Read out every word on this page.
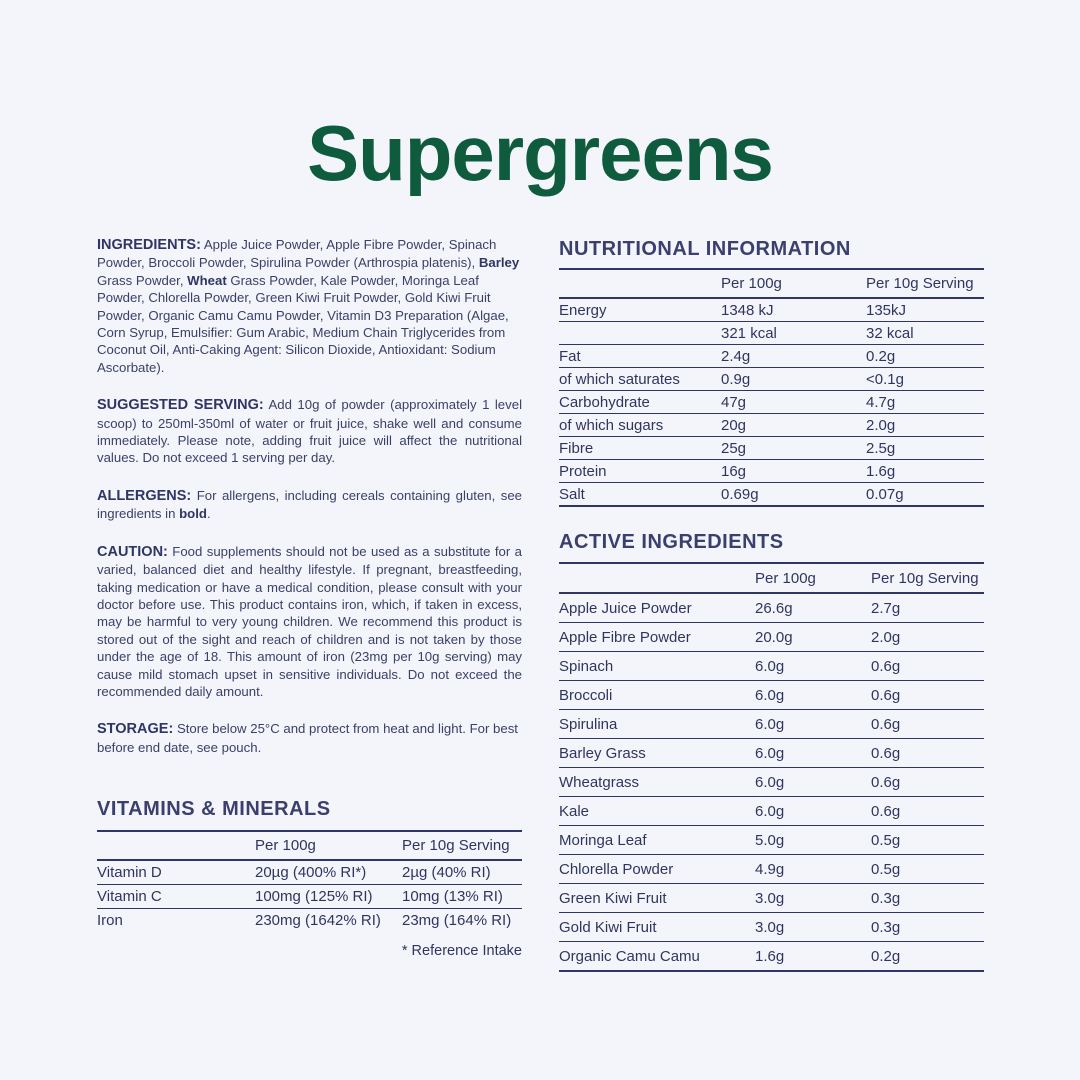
Supergreens

INGREDIENTS: Apple Juice Powder, Apple Fibre Powder, Spinach Powder, Broccoli Powder, Spirulina Powder (Arthrospia platenis), Barley Grass Powder, Wheat Grass Powder, Kale Powder, Moringa Leaf Powder, Chlorella Powder, Green Kiwi Fruit Powder, Gold Kiwi Fruit Powder, Organic Camu Camu Powder, Vitamin D3 Preparation (Algae, Corn Syrup, Emulsifier: Gum Arabic, Medium Chain Triglycerides from Coconut Oil, Anti-Caking Agent: Silicon Dioxide, Antioxidant: Sodium Ascorbate).

SUGGESTED SERVING: Add 10g of powder (approximately 1 level scoop) to 250ml-350ml of water or fruit juice, shake well and consume immediately. Please note, adding fruit juice will affect the nutritional values. Do not exceed 1 serving per day.

ALLERGENS: For allergens, including cereals containing gluten, see ingredients in bold.

CAUTION: Food supplements should not be used as a substitute for a varied, balanced diet and healthy lifestyle. If pregnant, breastfeeding, taking medication or have a medical condition, please consult with your doctor before use. This product contains iron, which, if taken in excess, may be harmful to very young children. We recommend this product is stored out of the sight and reach of children and is not taken by those under the age of 18. This amount of iron (23mg per 10g serving) may cause mild stomach upset in sensitive individuals. Do not exceed the recommended daily amount.

STORAGE: Store below 25°C and protect from heat and light. For best before end date, see pouch.

VITAMINS & MINERALS
	Per 100g	Per 10g Serving
Vitamin D	20µg (400% RI*)	2µg (40% RI)
Vitamin C	100mg (125% RI)	10mg (13% RI)
Iron	230mg (1642% RI)	23mg (164% RI)
* Reference Intake
NUTRITIONAL INFORMATION
	Per 100g	Per 10g Serving
Energy	1348 kJ	135kJ
	321 kcal	32 kcal
Fat	2.4g	0.2g
of which saturates	0.9g	<0.1g
Carbohydrate	47g	4.7g
of which sugars	20g	2.0g
Fibre	25g	2.5g
Protein	16g	1.6g
Salt	0.69g	0.07g
ACTIVE INGREDIENTS
	Per 100g	Per 10g Serving
Apple Juice Powder	26.6g	2.7g
Apple Fibre Powder	20.0g	2.0g
Spinach	6.0g	0.6g
Broccoli	6.0g	0.6g
Spirulina	6.0g	0.6g
Barley Grass	6.0g	0.6g
Wheatgrass	6.0g	0.6g
Kale	6.0g	0.6g
Moringa Leaf	5.0g	0.5g
Chlorella Powder	4.9g	0.5g
Green Kiwi Fruit	3.0g	0.3g
Gold Kiwi Fruit	3.0g	0.3g
Organic Camu Camu	1.6g	0.2g
